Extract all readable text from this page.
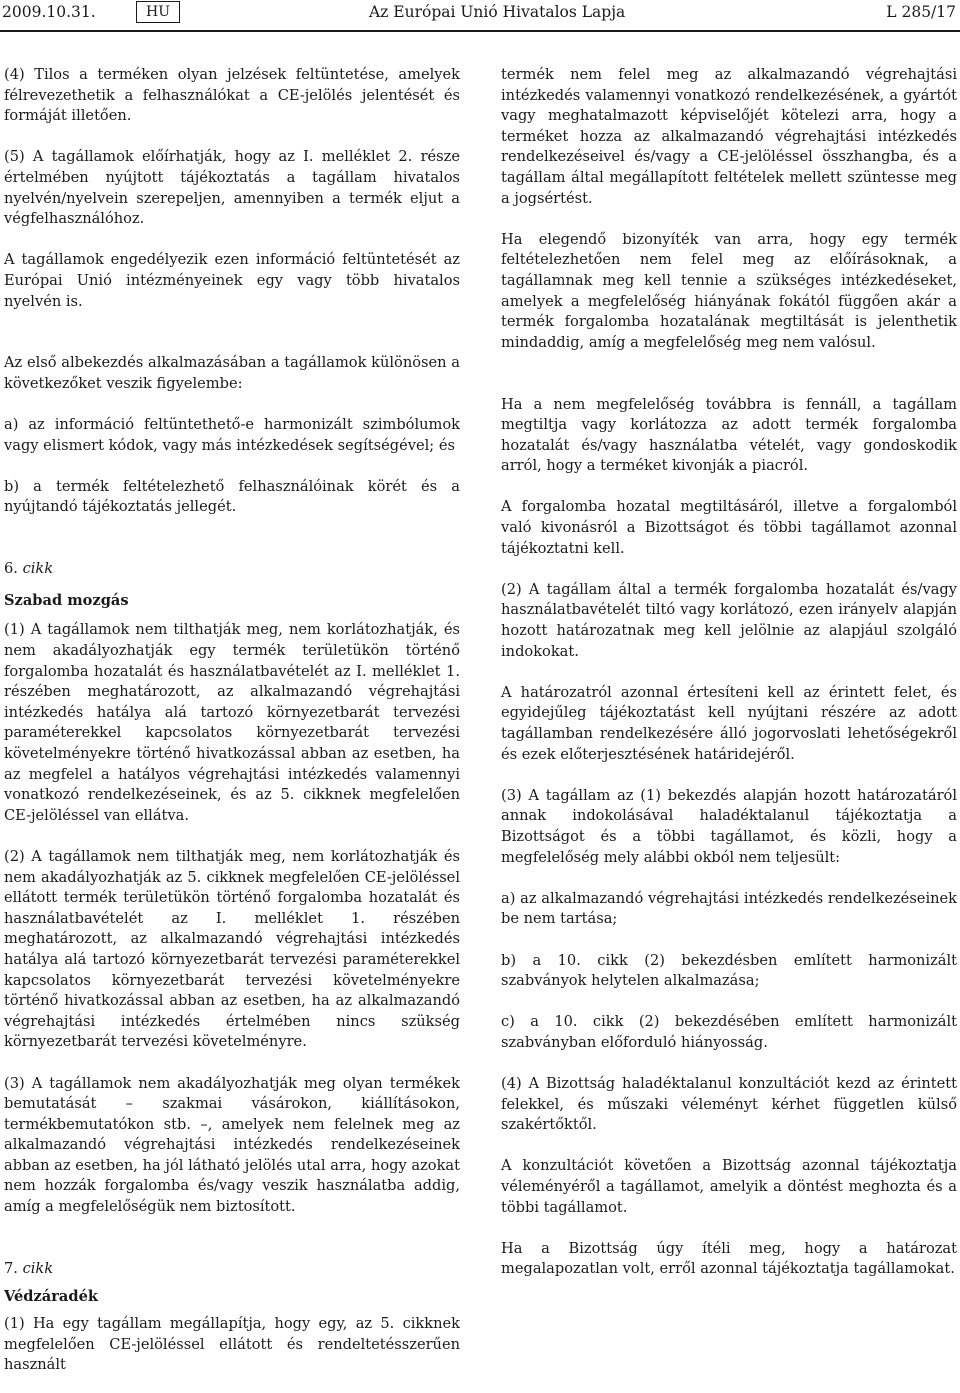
2009.10.31.	HU	Az Európai Unió Hivatalos Lapja	L 285/17

(4) Tilos a terméken olyan jelzések feltüntetése, amelyek félrevezethetik a felhasználókat a CE-jelölés jelentését és formáját illetően.

(5) A tagállamok előírhatják, hogy az I. melléklet 2. része értelmében nyújtott tájékoztatás a tagállam hivatalos nyelvén/nyelvein szerepeljen, amennyiben a termék eljut a végfelhasználóhoz.

A tagállamok engedélyezik ezen információ feltüntetését az Európai Unió intézményeinek egy vagy több hivatalos nyelvén is.

Az első albekezdés alkalmazásában a tagállamok különösen a következőket veszik figyelembe:

a) az információ feltüntethető-e harmonizált szimbólumok vagy elismert kódok, vagy más intézkedések segítségével; és

b) a termék feltételezhető felhasználóinak körét és a nyújtandó tájékoztatás jellegét.

6. cikk

Szabad mozgás

(1) A tagállamok nem tilthatják meg, nem korlátozhatják, és nem akadályozhatják egy termék területükön történő forgalomba hozatalát és használatbavételét az I. melléklet 1. részében meghatározott, az alkalmazandó végrehajtási intézkedés hatálya alá tartozó környezetbarát tervezési paraméterekkel kapcsolatos környezetbarát tervezési követelményekre történő hivatkozással abban az esetben, ha az megfelel a hatályos végrehajtási intézkedés valamennyi vonatkozó rendelkezéseinek, és az 5. cikknek megfelelően CE-jelöléssel van ellátva.

(2) A tagállamok nem tilthatják meg, nem korlátozhatják és nem akadályozhatják az 5. cikknek megfelelően CE-jelöléssel ellátott termék területükön történő forgalomba hozatalát és használatbavételét az I. melléklet 1. részében meghatározott, az alkalmazandó végrehajtási intézkedés hatálya alá tartozó környezetbarát tervezési paraméterekkel kapcsolatos környezetbarát tervezési követelményekre történő hivatkozással abban az esetben, ha az alkalmazandó végrehajtási intézkedés értelmében nincs szükség környezetbarát tervezési követelményre.

(3) A tagállamok nem akadályozhatják meg olyan termékek bemutatását – szakmai vásárokon, kiállításokon, termékbemutatókon stb. –, amelyek nem felelnek meg az alkalmazandó végrehajtási intézkedés rendelkezéseinek abban az esetben, ha jól látható jelölés utal arra, hogy azokat nem hozzák forgalomba és/vagy veszik használatba addig, amíg a megfelelőségük nem biztosított.

7. cikk

Védzáradék

(1) Ha egy tagállam megállapítja, hogy egy, az 5. cikknek megfelelően CE-jelöléssel ellátott és rendeltetésszerűen használt

termék nem felel meg az alkalmazandó végrehajtási intézkedés valamennyi vonatkozó rendelkezésének, a gyártót vagy meghatalmazott képviselőjét kötelezi arra, hogy a terméket hozza az alkalmazandó végrehajtási intézkedés rendelkezéseivel és/vagy a CE-jelöléssel összhangba, és a tagállam által megállapított feltételek mellett szüntesse meg a jogsértést.

Ha elegendő bizonyíték van arra, hogy egy termék feltételezhetően nem felel meg az előírásoknak, a tagállamnak meg kell tennie a szükséges intézkedéseket, amelyek a megfelelőség hiányának fokától függően akár a termék forgalomba hozatalának megtiltását is jelenthetik mindaddig, amíg a megfelelőség meg nem valósul.

Ha a nem megfelelőség továbbra is fennáll, a tagállam megtiltja vagy korlátozza az adott termék forgalomba hozatalát és/vagy használatba vételét, vagy gondoskodik arról, hogy a terméket kivonják a piacról.

A forgalomba hozatal megtiltásáról, illetve a forgalomból való kivonásról a Bizottságot és többi tagállamot azonnal tájékoztatni kell.

(2) A tagállam által a termék forgalomba hozatalát és/vagy használatbavételét tiltó vagy korlátozó, ezen irányelv alapján hozott határozatnak meg kell jelölnie az alapjául szolgáló indokokat.

A határozatról azonnal értesíteni kell az érintett felet, és egyidejűleg tájékoztatást kell nyújtani részére az adott tagállamban rendelkezésére álló jogorvoslati lehetőségekről és ezek előterjesztésének határidejéről.

(3) A tagállam az (1) bekezdés alapján hozott határozatáról annak indokolásával haladéktalanul tájékoztatja a Bizottságot és a többi tagállamot, és közli, hogy a megfelelőség mely alábbi okból nem teljesült:

a) az alkalmazandó végrehajtási intézkedés rendelkezéseinek be nem tartása;

b) a 10. cikk (2) bekezdésben említett harmonizált szabványok helytelen alkalmazása;

c) a 10. cikk (2) bekezdésében említett harmonizált szabványban előforduló hiányosság.

(4) A Bizottság haladéktalanul konzultációt kezd az érintett felekkel, és műszaki véleményt kérhet független külső szakértőktől.

A konzultációt követően a Bizottság azonnal tájékoztatja véleményéről a tagállamot, amelyik a döntést meghozta és a többi tagállamot.

Ha a Bizottság úgy ítéli meg, hogy a határozat megalapozatlan volt, erről azonnal tájékoztatja tagállamokat.
